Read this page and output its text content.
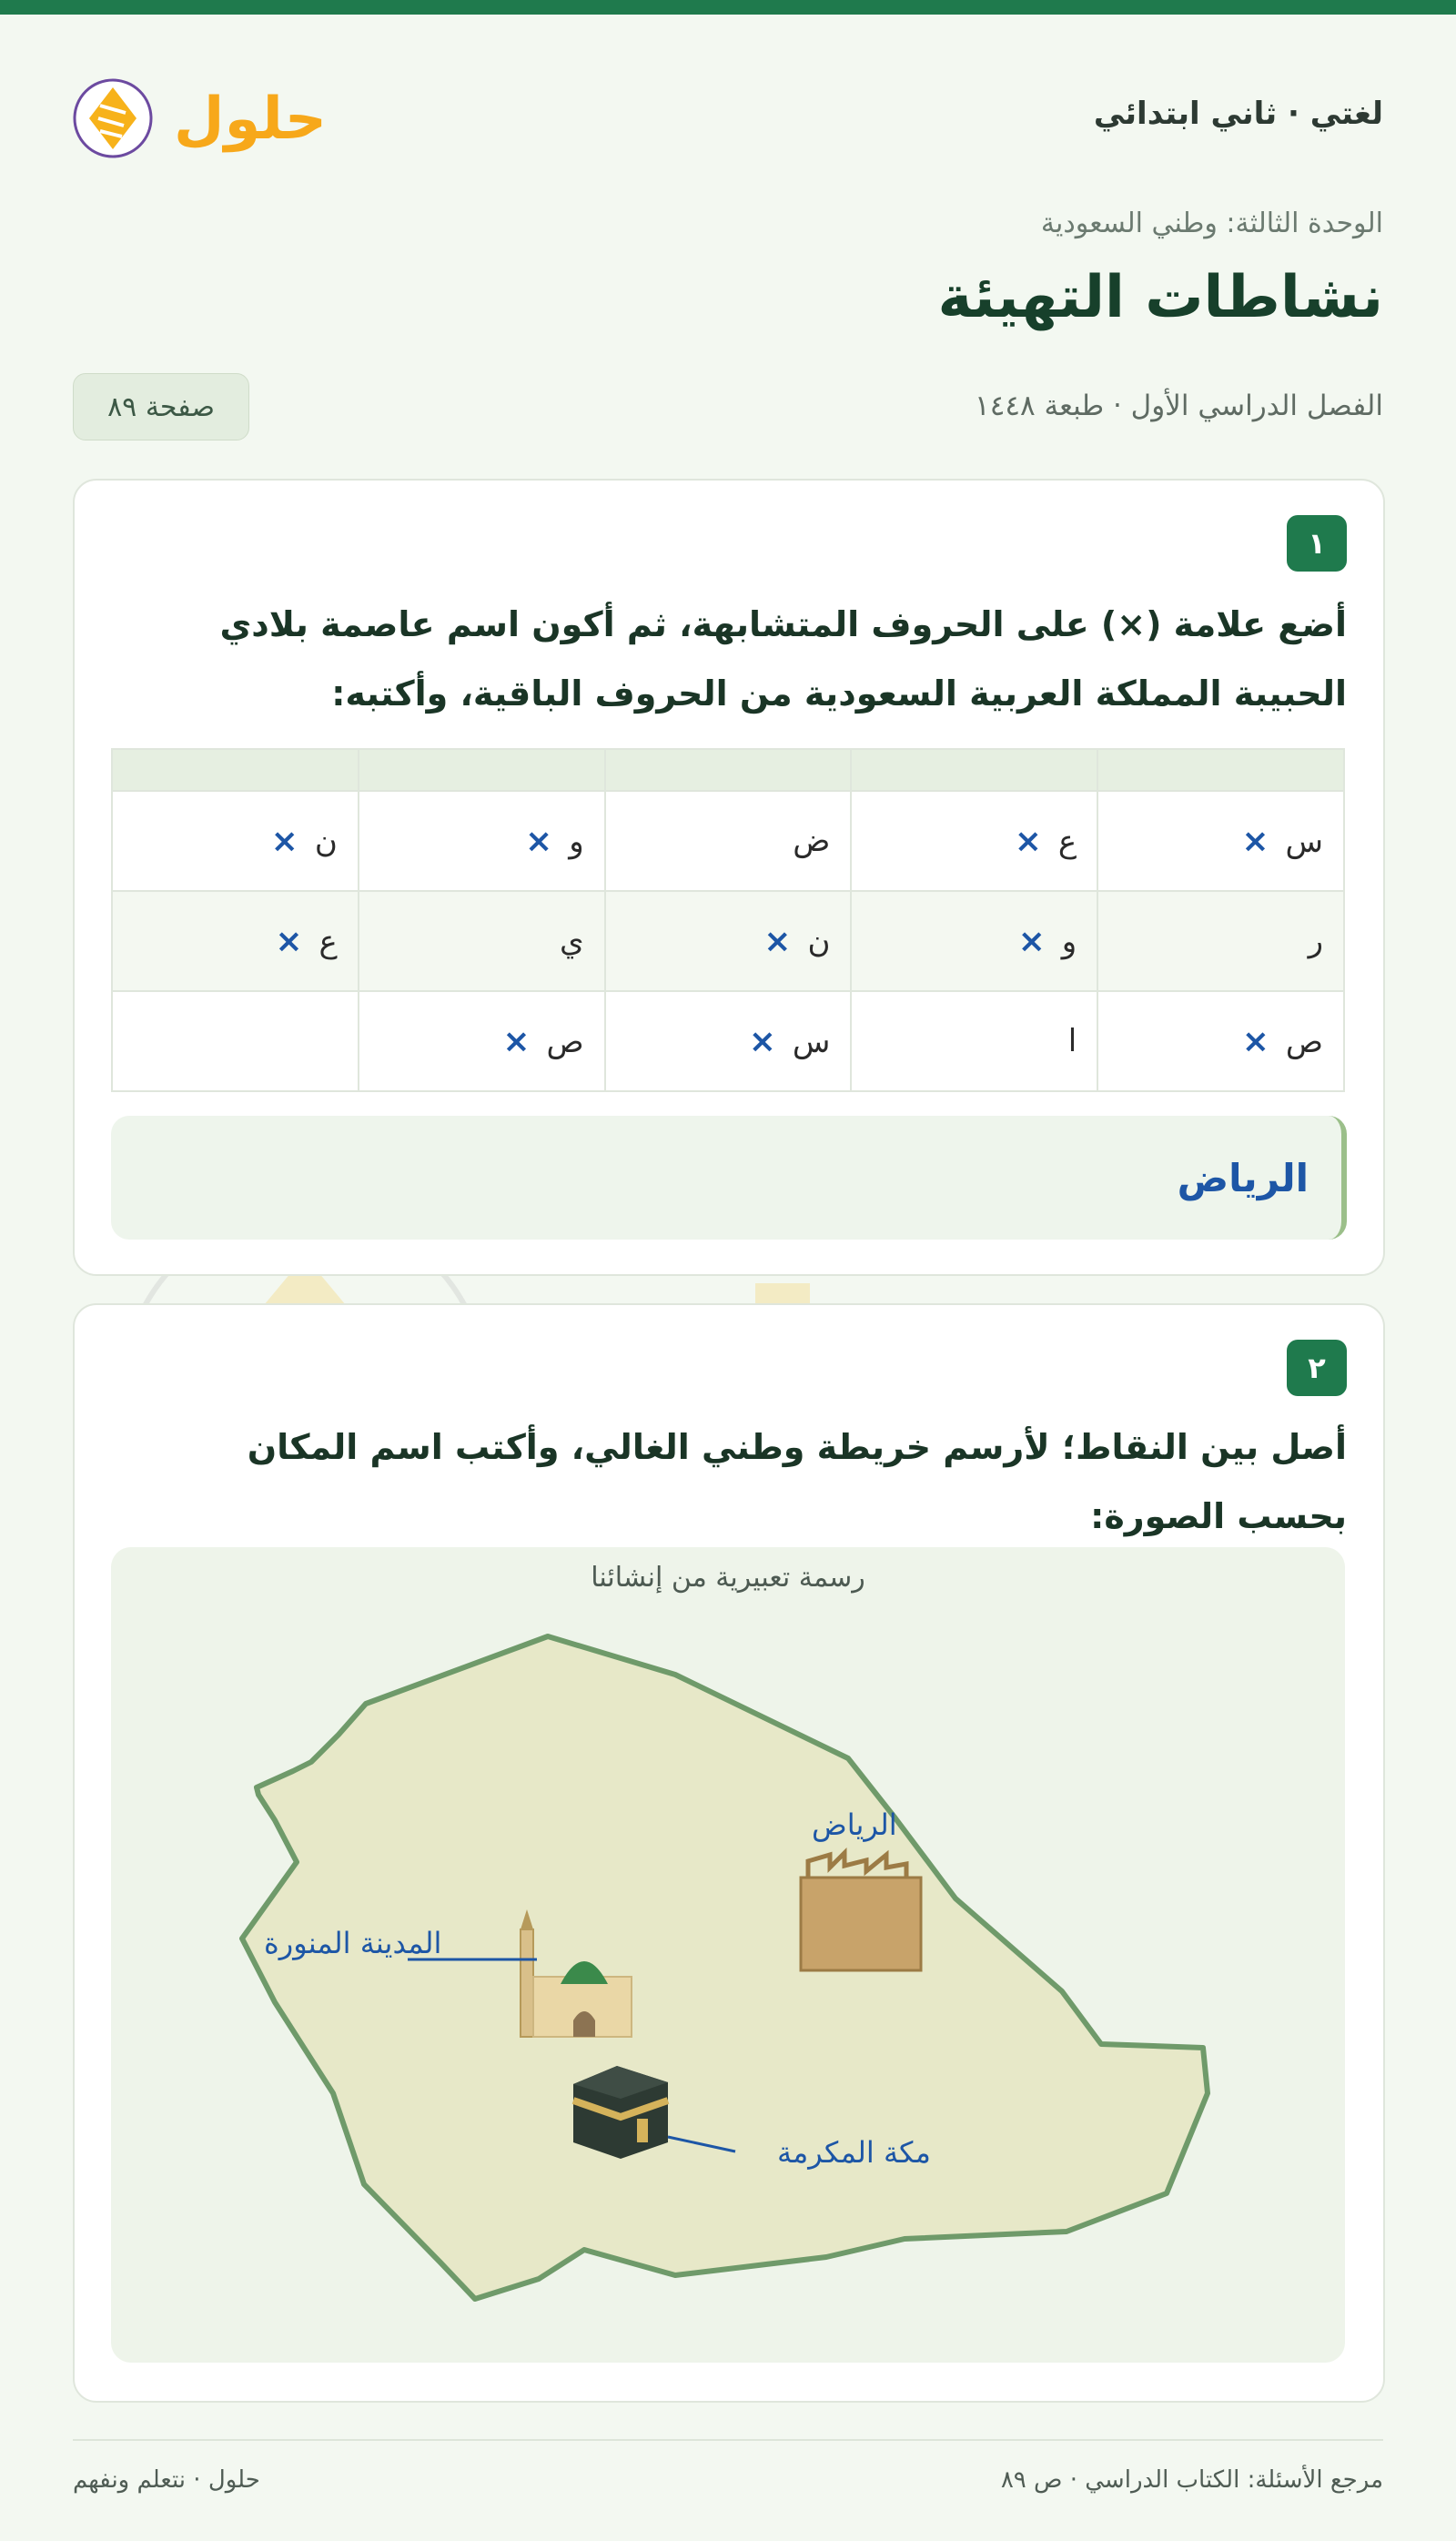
لغتي · ثاني ابتدائي
حلول
الوحدة الثالثة: وطني السعودية
نشاطات التهيئة
الفصل الدراسي الأول · طبعة ١٤٤٨
صفحة ٨٩
١
أضع علامة (×) على الحروف المتشابهة، ثم أكون اسم عاصمة بلادي الحبيبة المملكة العربية السعودية من الحروف الباقية، وأكتبه:

س×	ع×	ض	و×	ن×
ر	و×	ن×	ي	ع×
ص×	ا	س×	ص×	
الرياض
٢
أصل بين النقاط؛ لأرسم خريطة وطني الغالي، وأكتب اسم المكان بحسب الصورة:
رسمة تعبيرية من إنشائنا
الرياض
المدينة المنورة
مكة المكرمة
مرجع الأسئلة: الكتاب الدراسي · ص ٨٩
حلول · نتعلم ونفهم
